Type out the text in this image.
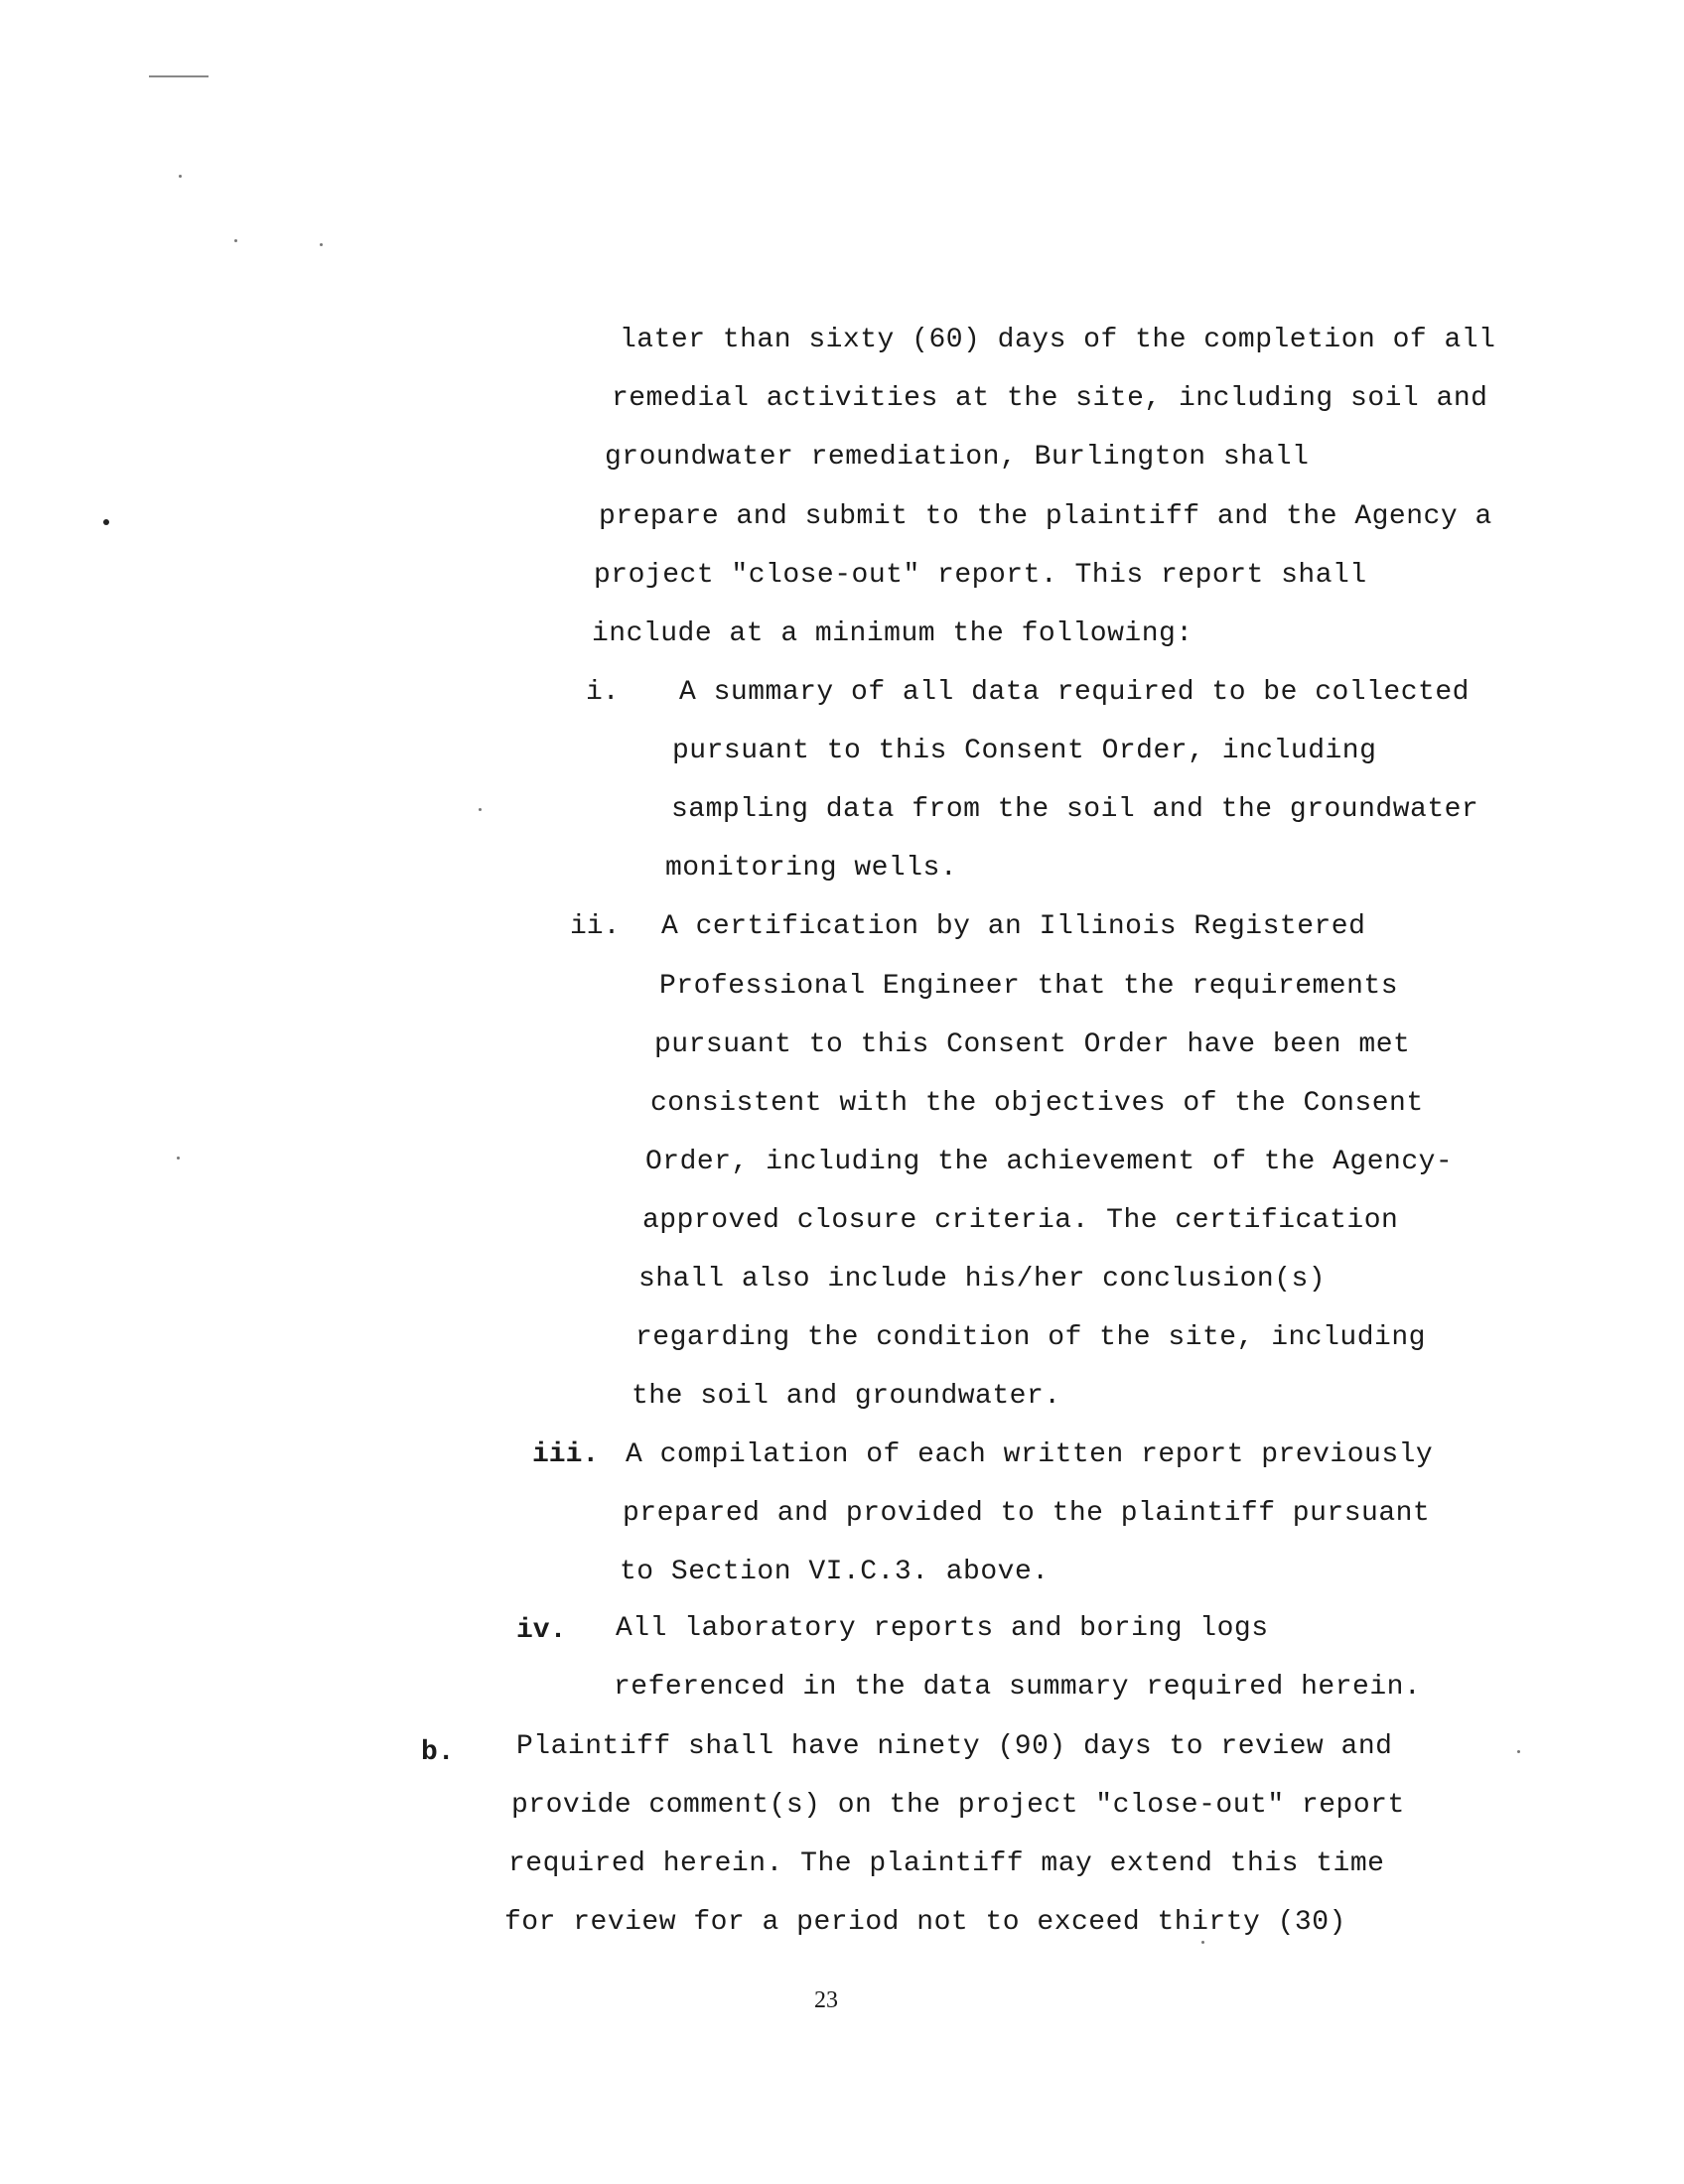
later than sixty (60) days of the completion of all
remedial activities at the site, including soil and
groundwater remediation, Burlington shall
prepare and submit to the plaintiff and the Agency a
project "close-out" report. This report shall
include at a minimum the following:
i. A summary of all data required to be collected
pursuant to this Consent Order, including
sampling data from the soil and the groundwater
monitoring wells.
ii. A certification by an Illinois Registered
Professional Engineer that the requirements
pursuant to this Consent Order have been met
consistent with the objectives of the Consent
Order, including the achievement of the Agency-
approved closure criteria. The certification
shall also include his/her conclusion(s)
regarding the condition of the site, including
the soil and groundwater.
iii. A compilation of each written report previously
prepared and provided to the plaintiff pursuant
to Section VI.C.3. above.
iv. All laboratory reports and boring logs
referenced in the data summary required herein.
b. Plaintiff shall have ninety (90) days to review and
provide comment(s) on the project "close-out" report
required herein. The plaintiff may extend this time
for review for a period not to exceed thirty (30)
23
